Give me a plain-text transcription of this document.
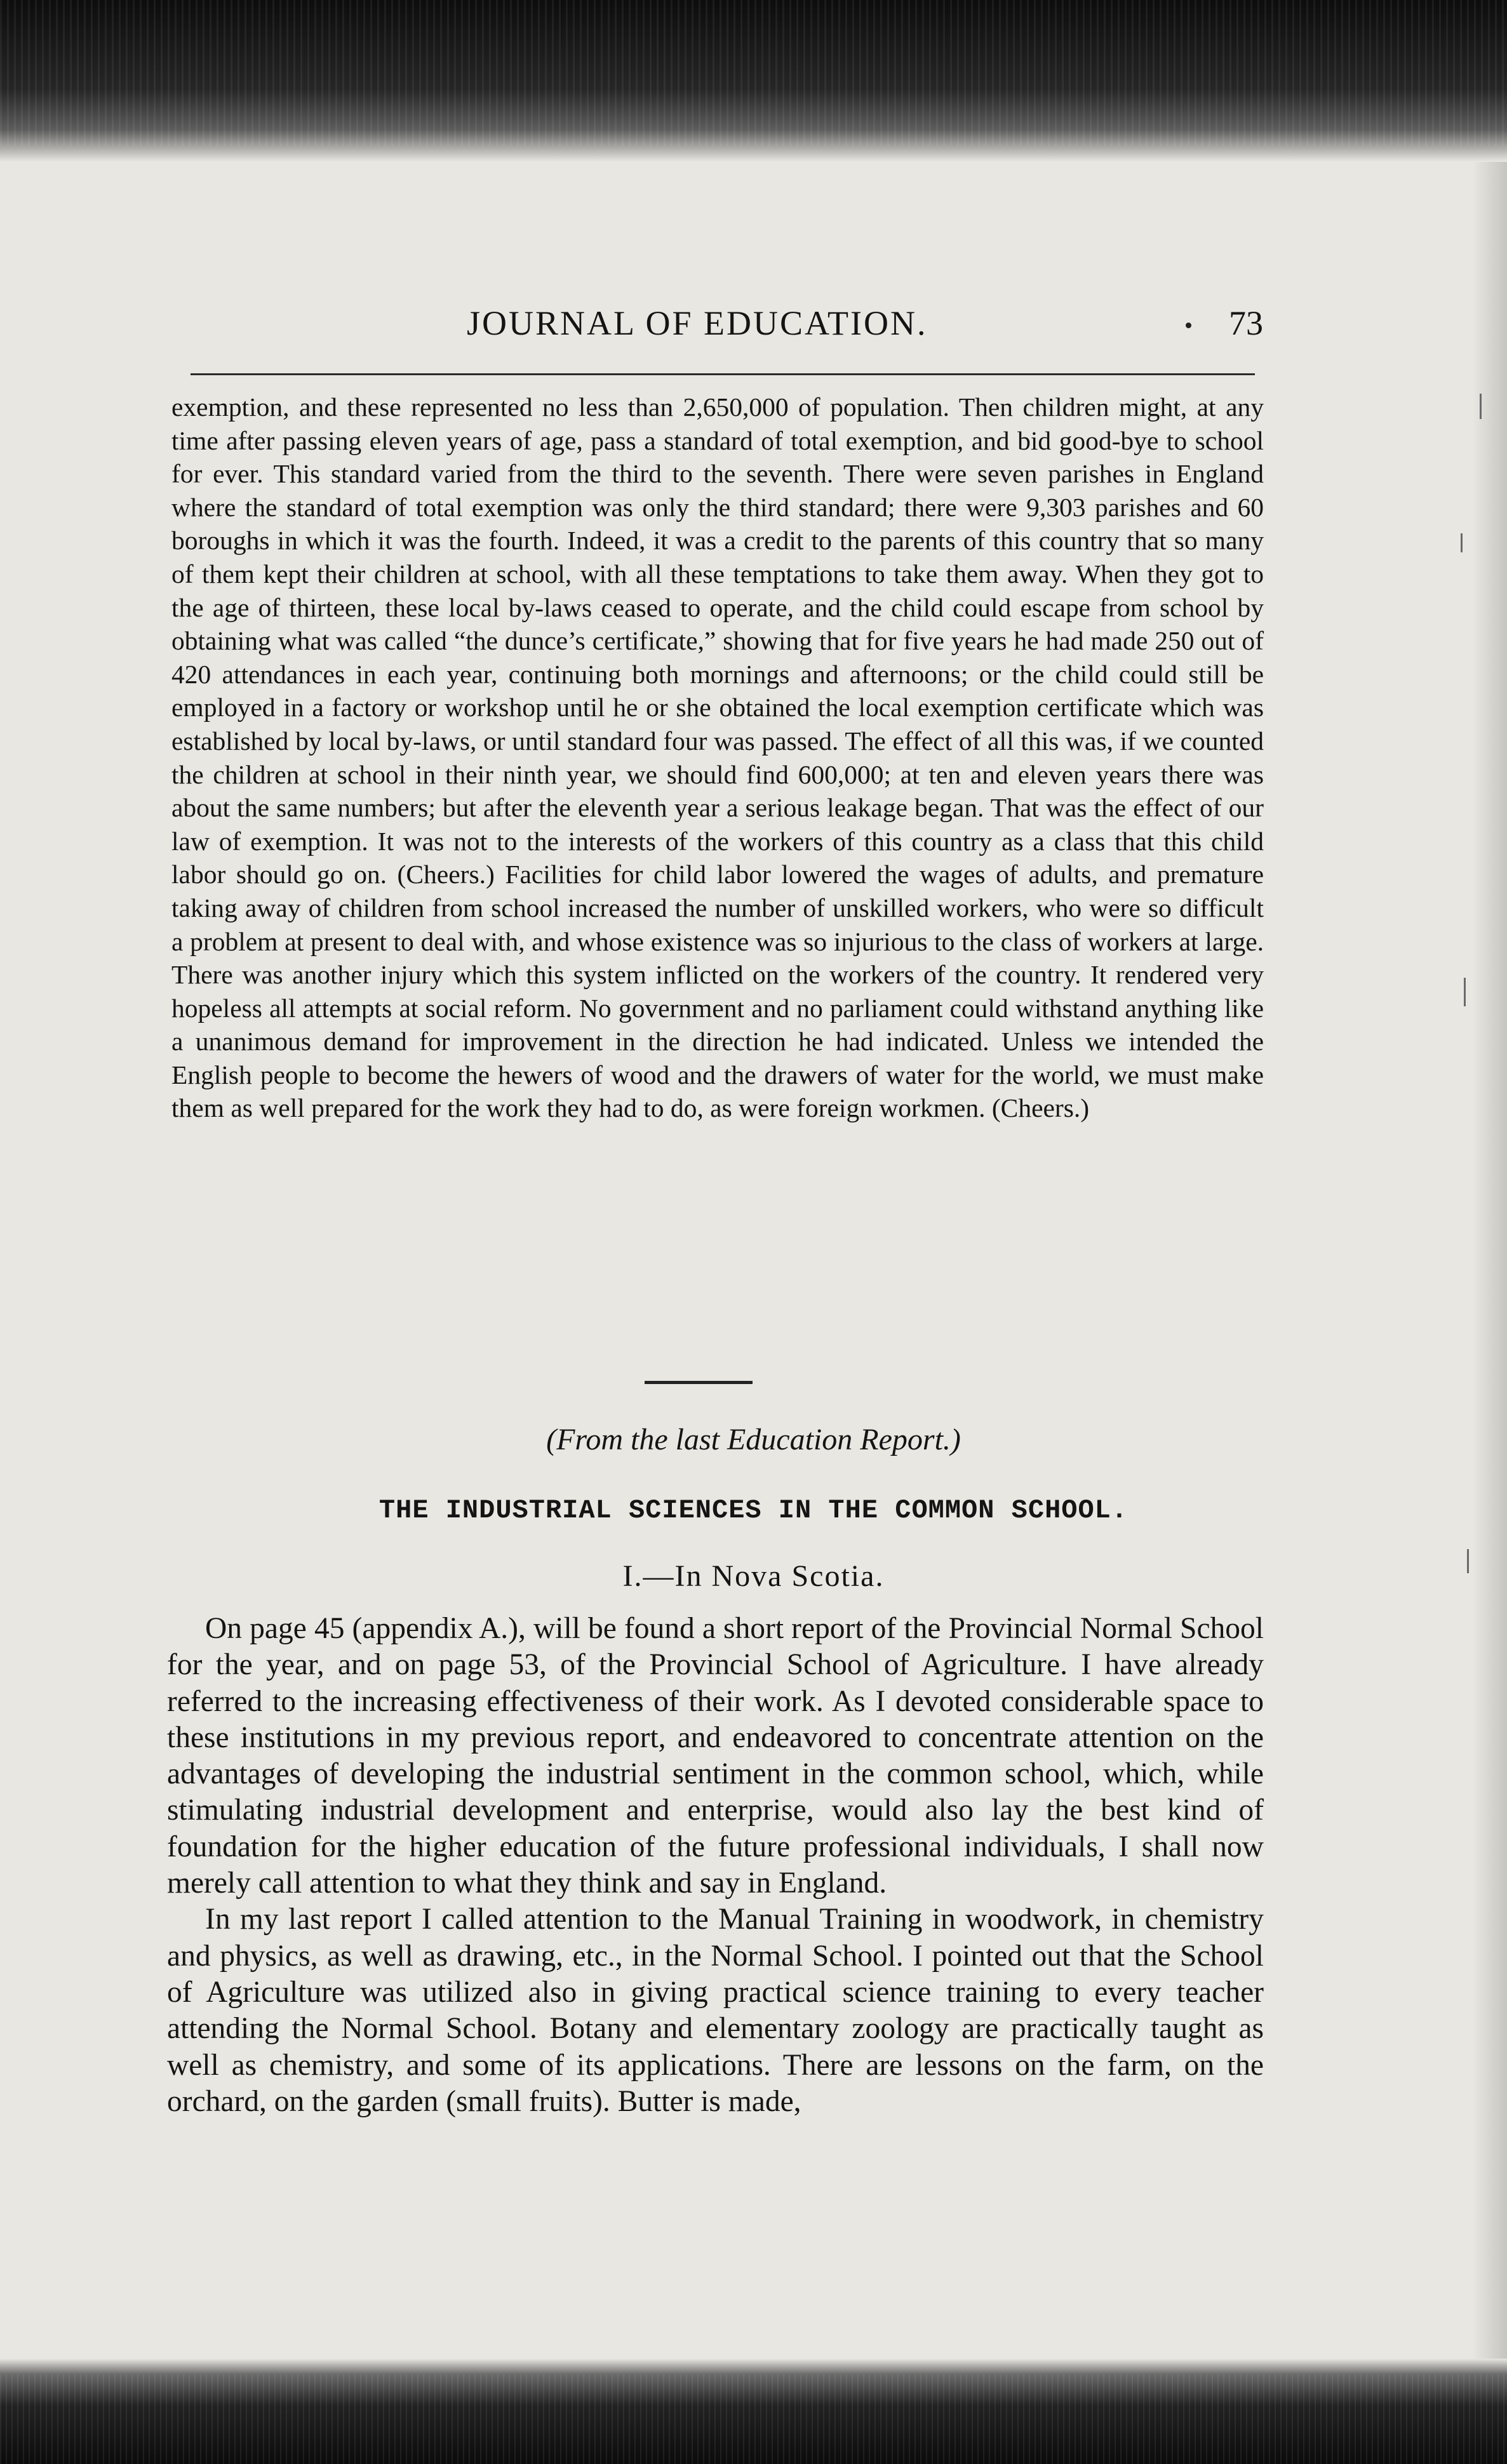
JOURNAL OF EDUCATION.	73

exemption, and these represented no less than 2,650,000 of population. Then children might, at any time after passing eleven years of age, pass a standard of total exemption, and bid good-bye to school for ever. This standard varied from the third to the seventh. There were seven parishes in England where the standard of total exemption was only the third standard; there were 9,303 parishes and 60 boroughs in which it was the fourth. Indeed, it was a credit to the parents of this country that so many of them kept their children at school, with all these temptations to take them away. When they got to the age of thirteen, these local by-laws ceased to operate, and the child could escape from school by obtaining what was called “the dunce’s certificate,” showing that for five years he had made 250 out of 420 attendances in each year, continuing both mornings and afternoons; or the child could still be employed in a factory or workshop until he or she obtained the local exemption certificate which was established by local by-laws, or until standard four was passed. The effect of all this was, if we counted the children at school in their ninth year, we should find 600,000; at ten and eleven years there was about the same numbers; but after the eleventh year a serious leakage began. That was the effect of our law of exemption. It was not to the interests of the workers of this country as a class that this child labor should go on. (Cheers.) Facilities for child labor lowered the wages of adults, and premature taking away of children from school increased the number of unskilled workers, who were so difficult a problem at present to deal with, and whose existence was so injurious to the class of workers at large. There was another injury which this system inflicted on the workers of the country. It rendered very hopeless all attempts at social reform. No government and no parliament could withstand anything like a unanimous demand for improvement in the direction he had indicated. Unless we intended the English people to become the hewers of wood and the drawers of water for the world, we must make them as well prepared for the work they had to do, as were foreign workmen. (Cheers.)

(From the last Education Report.)
THE INDUSTRIAL SCIENCES IN THE COMMON SCHOOL.
I.—In Nova Scotia.

On page 45 (appendix A.), will be found a short report of the Provincial Normal School for the year, and on page 53, of the Provincial School of Agriculture. I have already referred to the increasing effectiveness of their work. As I devoted considerable space to these institutions in my previous report, and endeavored to concentrate attention on the advantages of developing the industrial sentiment in the common school, which, while stimulating industrial development and enterprise, would also lay the best kind of foundation for the higher education of the future professional individuals, I shall now merely call attention to what they think and say in England.

In my last report I called attention to the Manual Training in woodwork, in chemistry and physics, as well as drawing, etc., in the Normal School. I pointed out that the School of Agriculture was utilized also in giving practical science training to every teacher attending the Normal School. Botany and elementary zoology are practically taught as well as chemistry, and some of its applications. There are lessons on the farm, on the orchard, on the garden (small fruits). Butter is made,
